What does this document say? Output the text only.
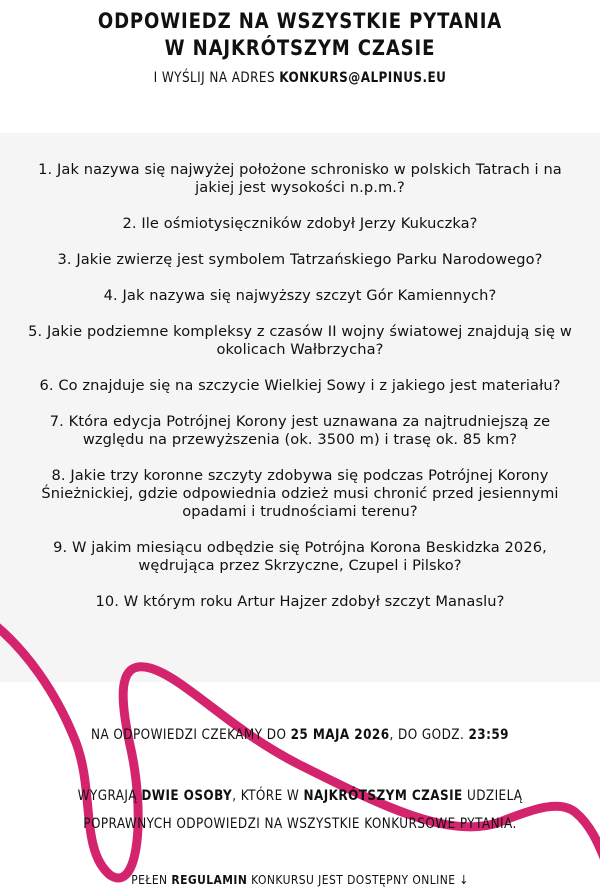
ODPOWIEDZ NA WSZYSTKIE PYTANIA
W NAJKRÓTSZYM CZASIE
I WYŚLIJ NA ADRES KONKURS@ALPINUS.EU
1. Jak nazywa się najwyżej położone schronisko w polskich Tatrach i na jakiej jest wysokości n.p.m.?
2. Ile ośmiotysięczników zdobył Jerzy Kukuczka?
3. Jakie zwierzę jest symbolem Tatrzańskiego Parku Narodowego?
4. Jak nazywa się najwyższy szczyt Gór Kamiennych?
5. Jakie podziemne kompleksy z czasów II wojny światowej znajdują się w okolicach Wałbrzycha?
6. Co znajduje się na szczycie Wielkiej Sowy i z jakiego jest materiału?
7. Która edycja Potrójnej Korony jest uznawana za najtrudniejszą ze względu na przewyższenia (ok. 3500 m) i trasę ok. 85 km?
8. Jakie trzy koronne szczyty zdobywa się podczas Potrójnej Korony Śnieżnickiej, gdzie odpowiednia odzież musi chronić przed jesiennymi opadami i trudnościami terenu?
9. W jakim miesiącu odbędzie się Potrójna Korona Beskidzka 2026, wędrująca przez Skrzyczne, Czupel i Pilsko?
10. W którym roku Artur Hajzer zdobył szczyt Manaslu?
NA ODPOWIEDZI CZEKAMY DO 25 MAJA 2026, DO GODZ. 23:59
WYGRAJĄ DWIE OSOBY, KTÓRE W NAJKRÓTSZYM CZASIE UDZIELĄ
POPRAWNYCH ODPOWIEDZI NA WSZYSTKIE KONKURSOWE PYTANIA.
PEŁEN REGULAMIN KONKURSU JEST DOSTĘPNY ONLINE ↓
